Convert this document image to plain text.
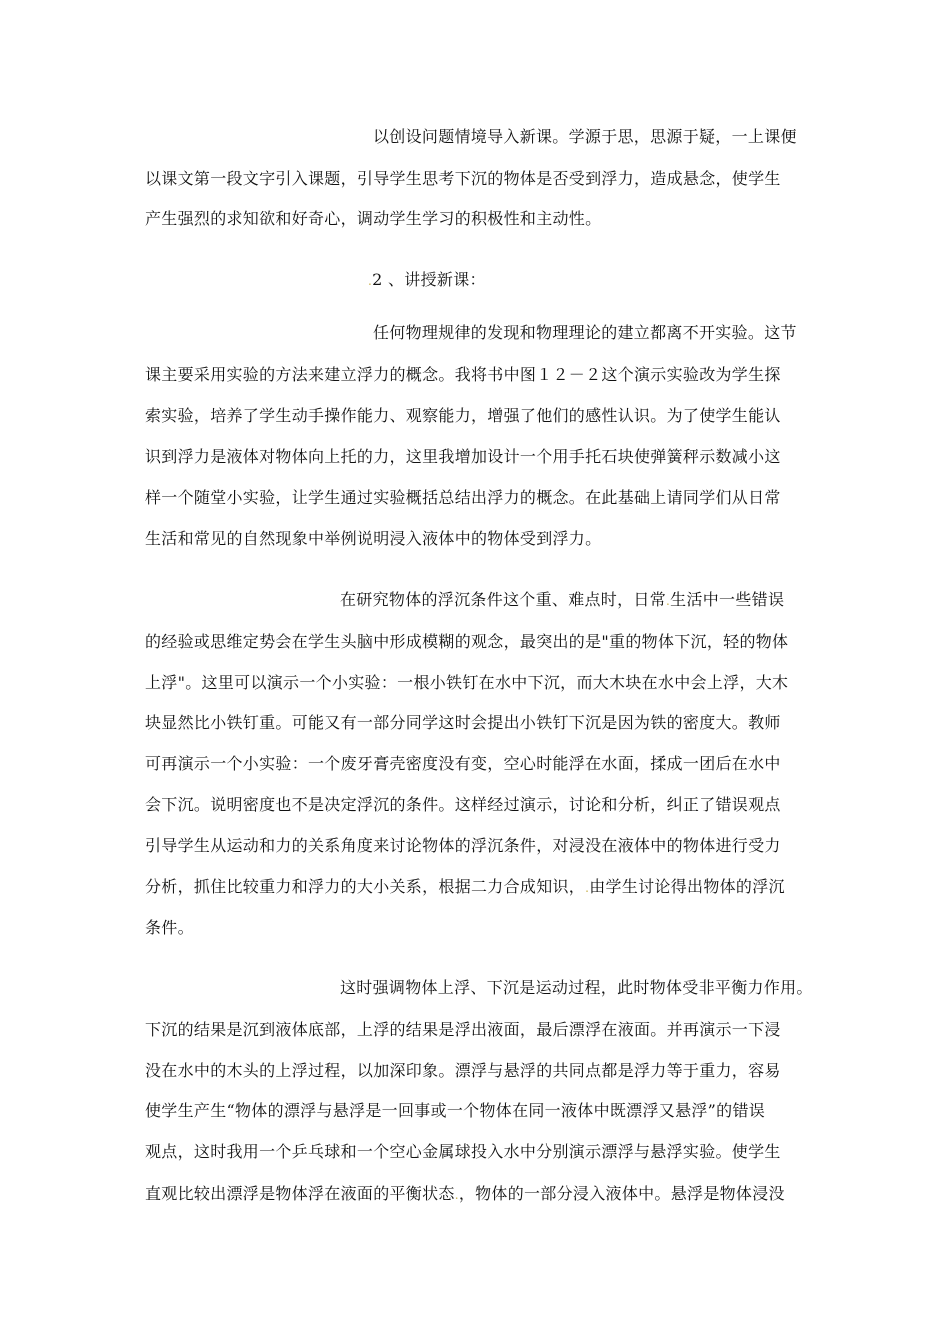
以创设问题情境导入新课。学源于思，思源于疑，一上课便
以课文第一段文字引入课题，引导学生思考下沉的物体是否受到浮力，造成悬念，使学生
产生强烈的求知欲和好奇心，调动学生学习的积极性和主动性。
.2 、讲授新课：
任何物理规律的发现和物理理论的建立都离不开实验。这节
课主要采用实验的方法来建立浮力的概念。我将书中图１２－２这个演示实验改为学生探
索实验，培养了学生动手操作能力、观察能力，增强了他们的感性认识。为了使学生能认
识到浮力是液体对物体向上托的力，这里我增加设计一个用手托石块使弹簧秤示数减小这
样一个随堂小实验，让学生通过实验概括总结出浮力的概念。在此基础上请同学们从日常
生活和常见的自然现象中举例说明浸入液体中的物体受到浮力。
在研究物体的浮沉条件这个重、难点时，日常.生活中一些错误
的经验或思维定势会在学生头脑中形成模糊的观念，最突出的是"重的物体下沉，轻的物体
上浮"。这里可以演示一个小实验：一根小铁钉在水中下沉，而大木块在水中会上浮，大木
块显然比小铁钉重。可能又有一部分同学这时会提出小铁钉下沉是因为铁的密度大。教师
可再演示一个小实验：一个废牙膏壳密度没有变，空心时能浮在水面，揉成一团后在水中
会下沉。说明密度也不是决定浮沉的条件。这样经过演示，讨论和分析，纠正了错误观点
引导学生从运动和力的关系角度来讨论物体的浮沉条件，对浸没在液体中的物体进行受力
分析，抓住比较重力和浮力的大小关系，根据二力合成知识，.由学生讨论得出物体的浮沉
条件。
这时强调物体上浮、下沉是运动过程，此时物体受非平衡力作用。
下沉的结果是沉到液体底部，上浮的结果是浮出液面，最后漂浮在液面。并再演示一下浸
没在水中的木头的上浮过程，以加深印象。漂浮与悬浮的共同点都是浮力等于重力，容易
使学生产生“物体的漂浮与悬浮是一回事或一个物体在同一液体中既漂浮又悬浮”的错误
观点，这时我用一个乒乓球和一个空心金属球投入水中分别演示漂浮与悬浮实验。使学生
直观比较出漂浮是物体浮在液面的平衡状态.，物体的一部分浸入液体中。悬浮是物体浸没
